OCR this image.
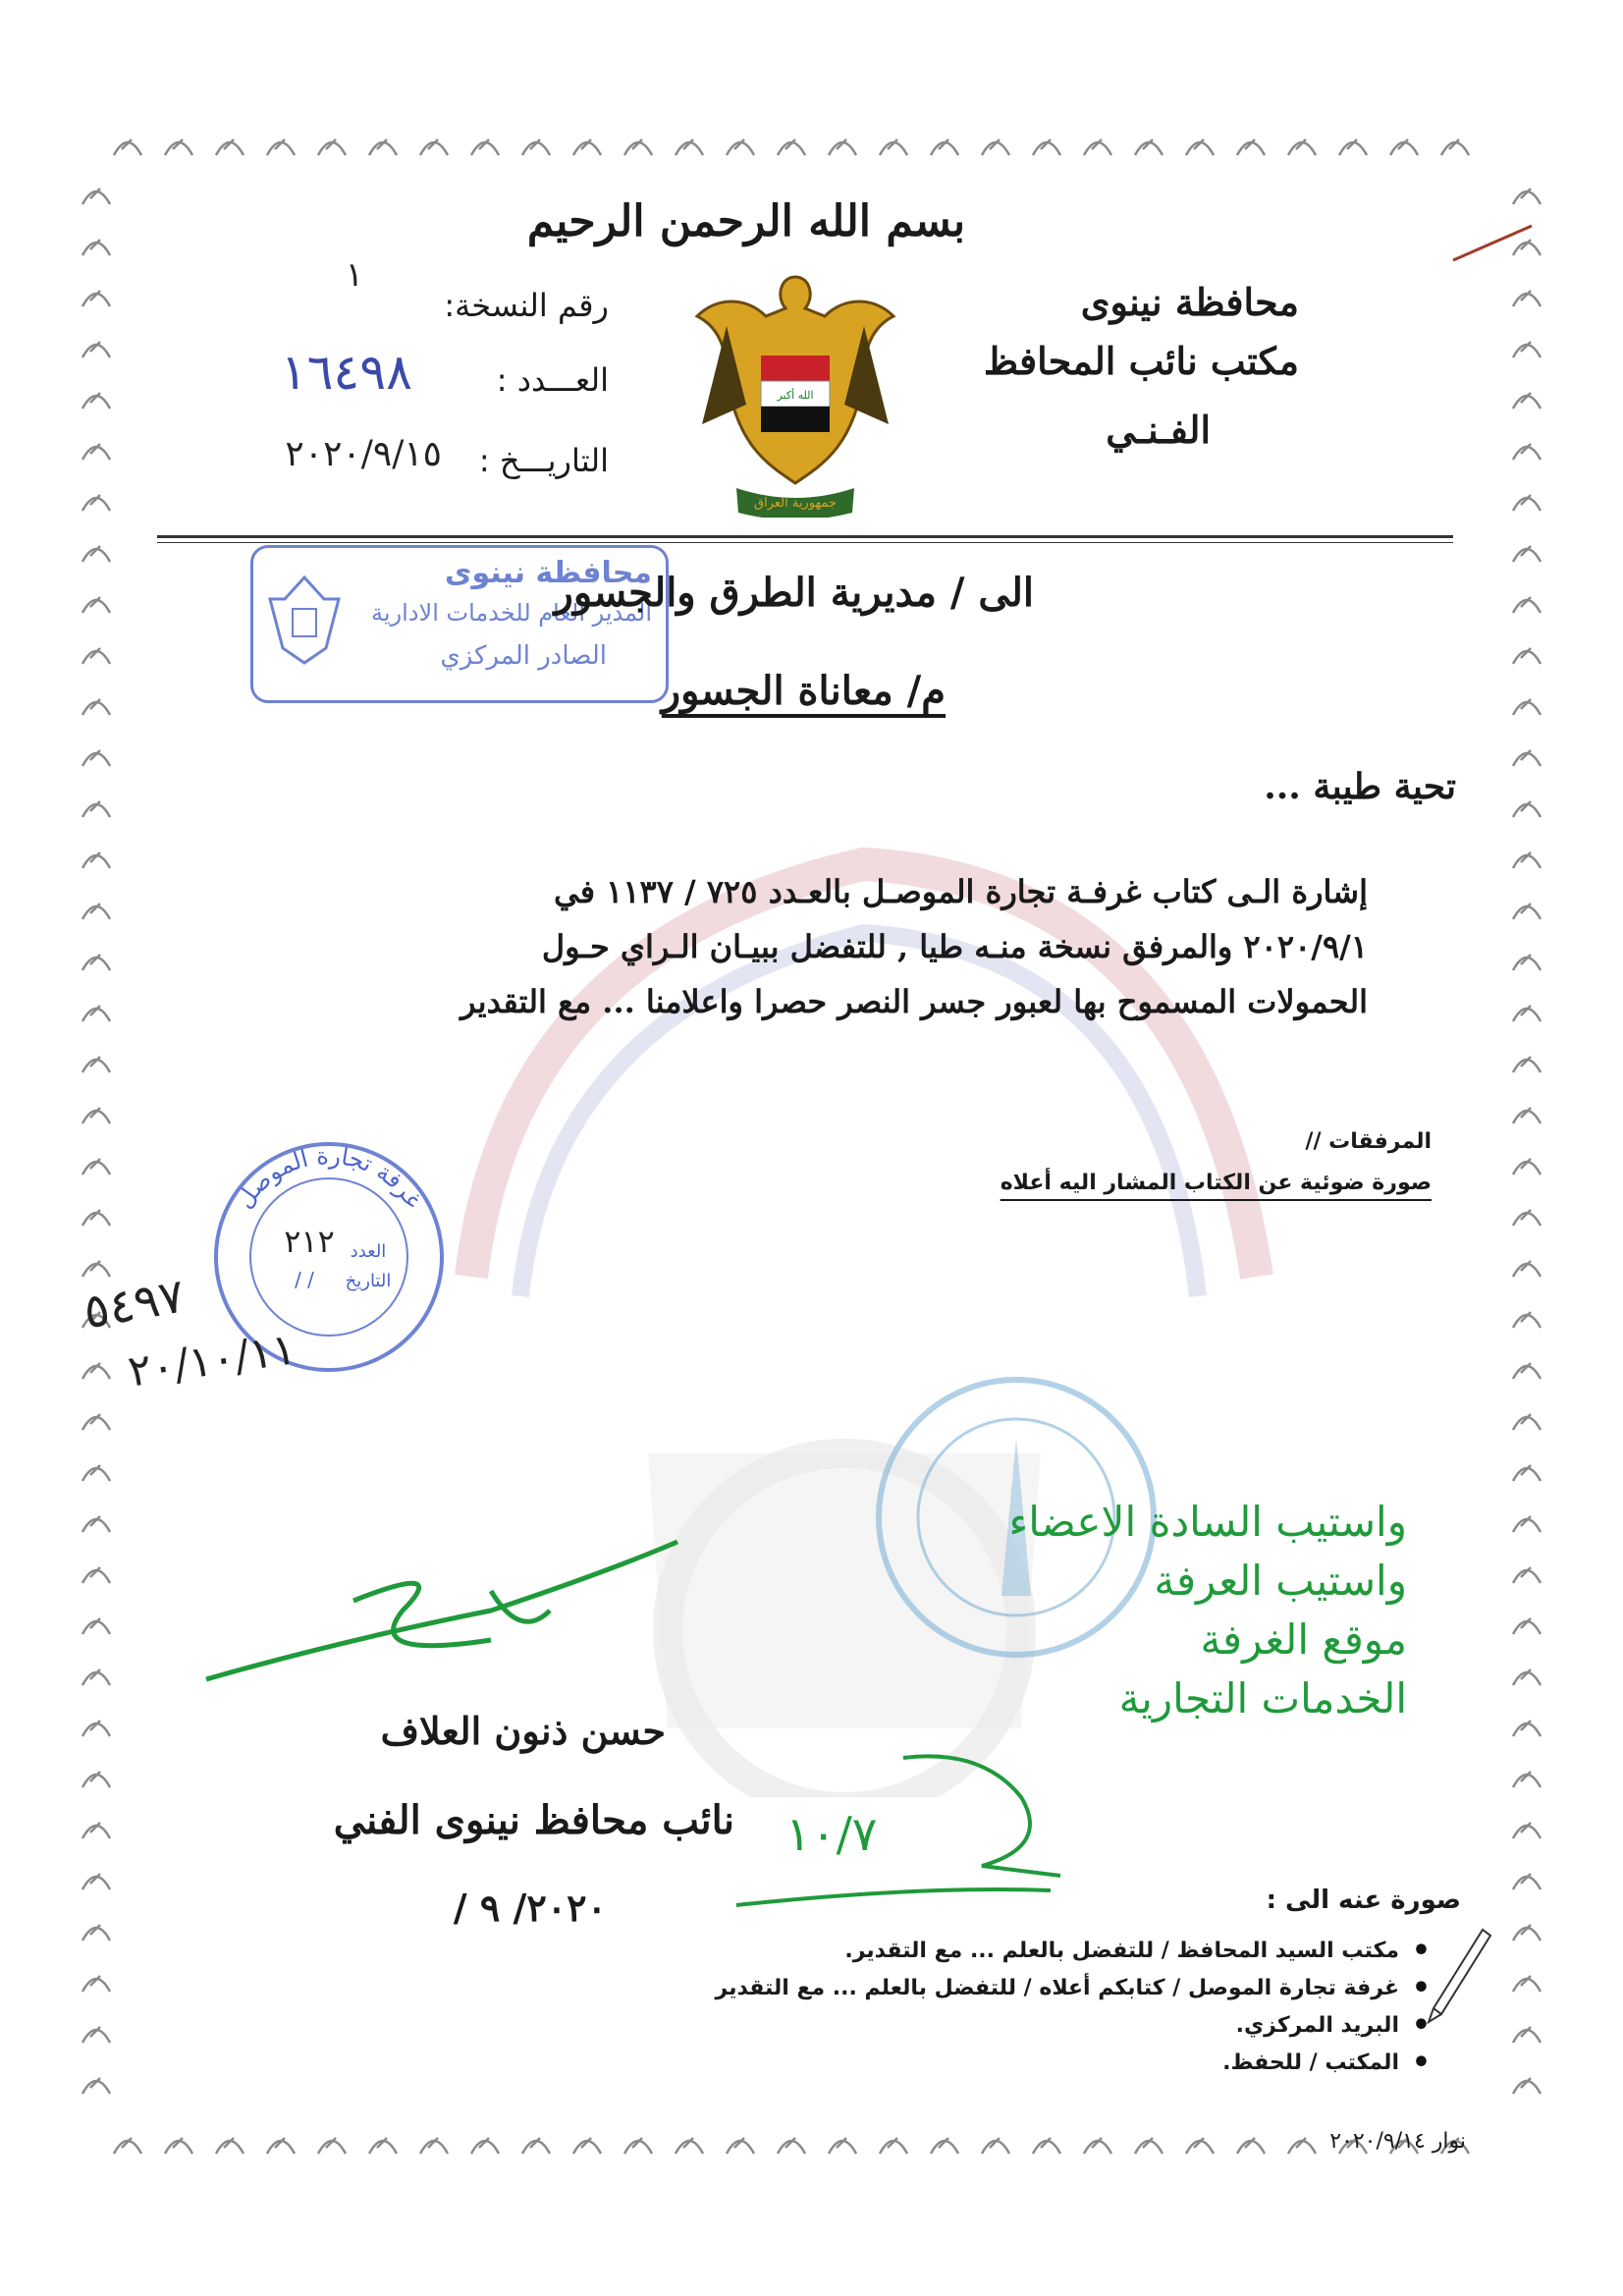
بسم الله الرحمن الرحيم
محافظة نينوى
مكتب نائب المحافظ
الفـنـي
الله أكبر
جمهورية العراق
رقم النسخة:
١
العـــدد :
١٦٤٩٨
التاريـــخ :
٢٠٢٠/٩/١٥
محافظة نينوى
المدير العام للخدمات الادارية
الصادر المركزي
الى / مديرية الطرق والجسور
م/ معاناة الجسور
تحية طيبة ...
إشارة الـى كتاب غرفـة تجارة الموصـل بالعـدد ٧٢٥ / ١١٣٧ في
٢٠٢٠/٩/١ والمرفق نسخة منـه طيا , للتفضل ببيـان الـراي حـول
الحمولات المسموح بها لعبور جسر النصر حصرا واعلامنا ... مع التقدير
المرفقات //
صورة ضوئية عن الكتاب المشار اليه أعلاه
غرفة تجارة الموصل
العدد
٢١٢
التاريخ
/ /
٥٤٩٧
٢٠/١٠/١١
واستيب السادة الاعضاء
واستيب العرفة
موقع الغرفة
الخدمات التجارية
١٠/٧
حسن ذنون العلاف
نائب محافظ نينوى الفني
٢٠٢٠/ ٩ /	صورة عنه الى :
• مكتب السيد المحافظ / للتفضل بالعلم ... مع التقدير.
• غرفة تجارة الموصل / كتابكم أعلاه / للتفضل بالعلم ... مع التقدير
• البريد المركزي.
• المكتب / للحفظ.
نوار ٢٠٢٠/٩/١٤
